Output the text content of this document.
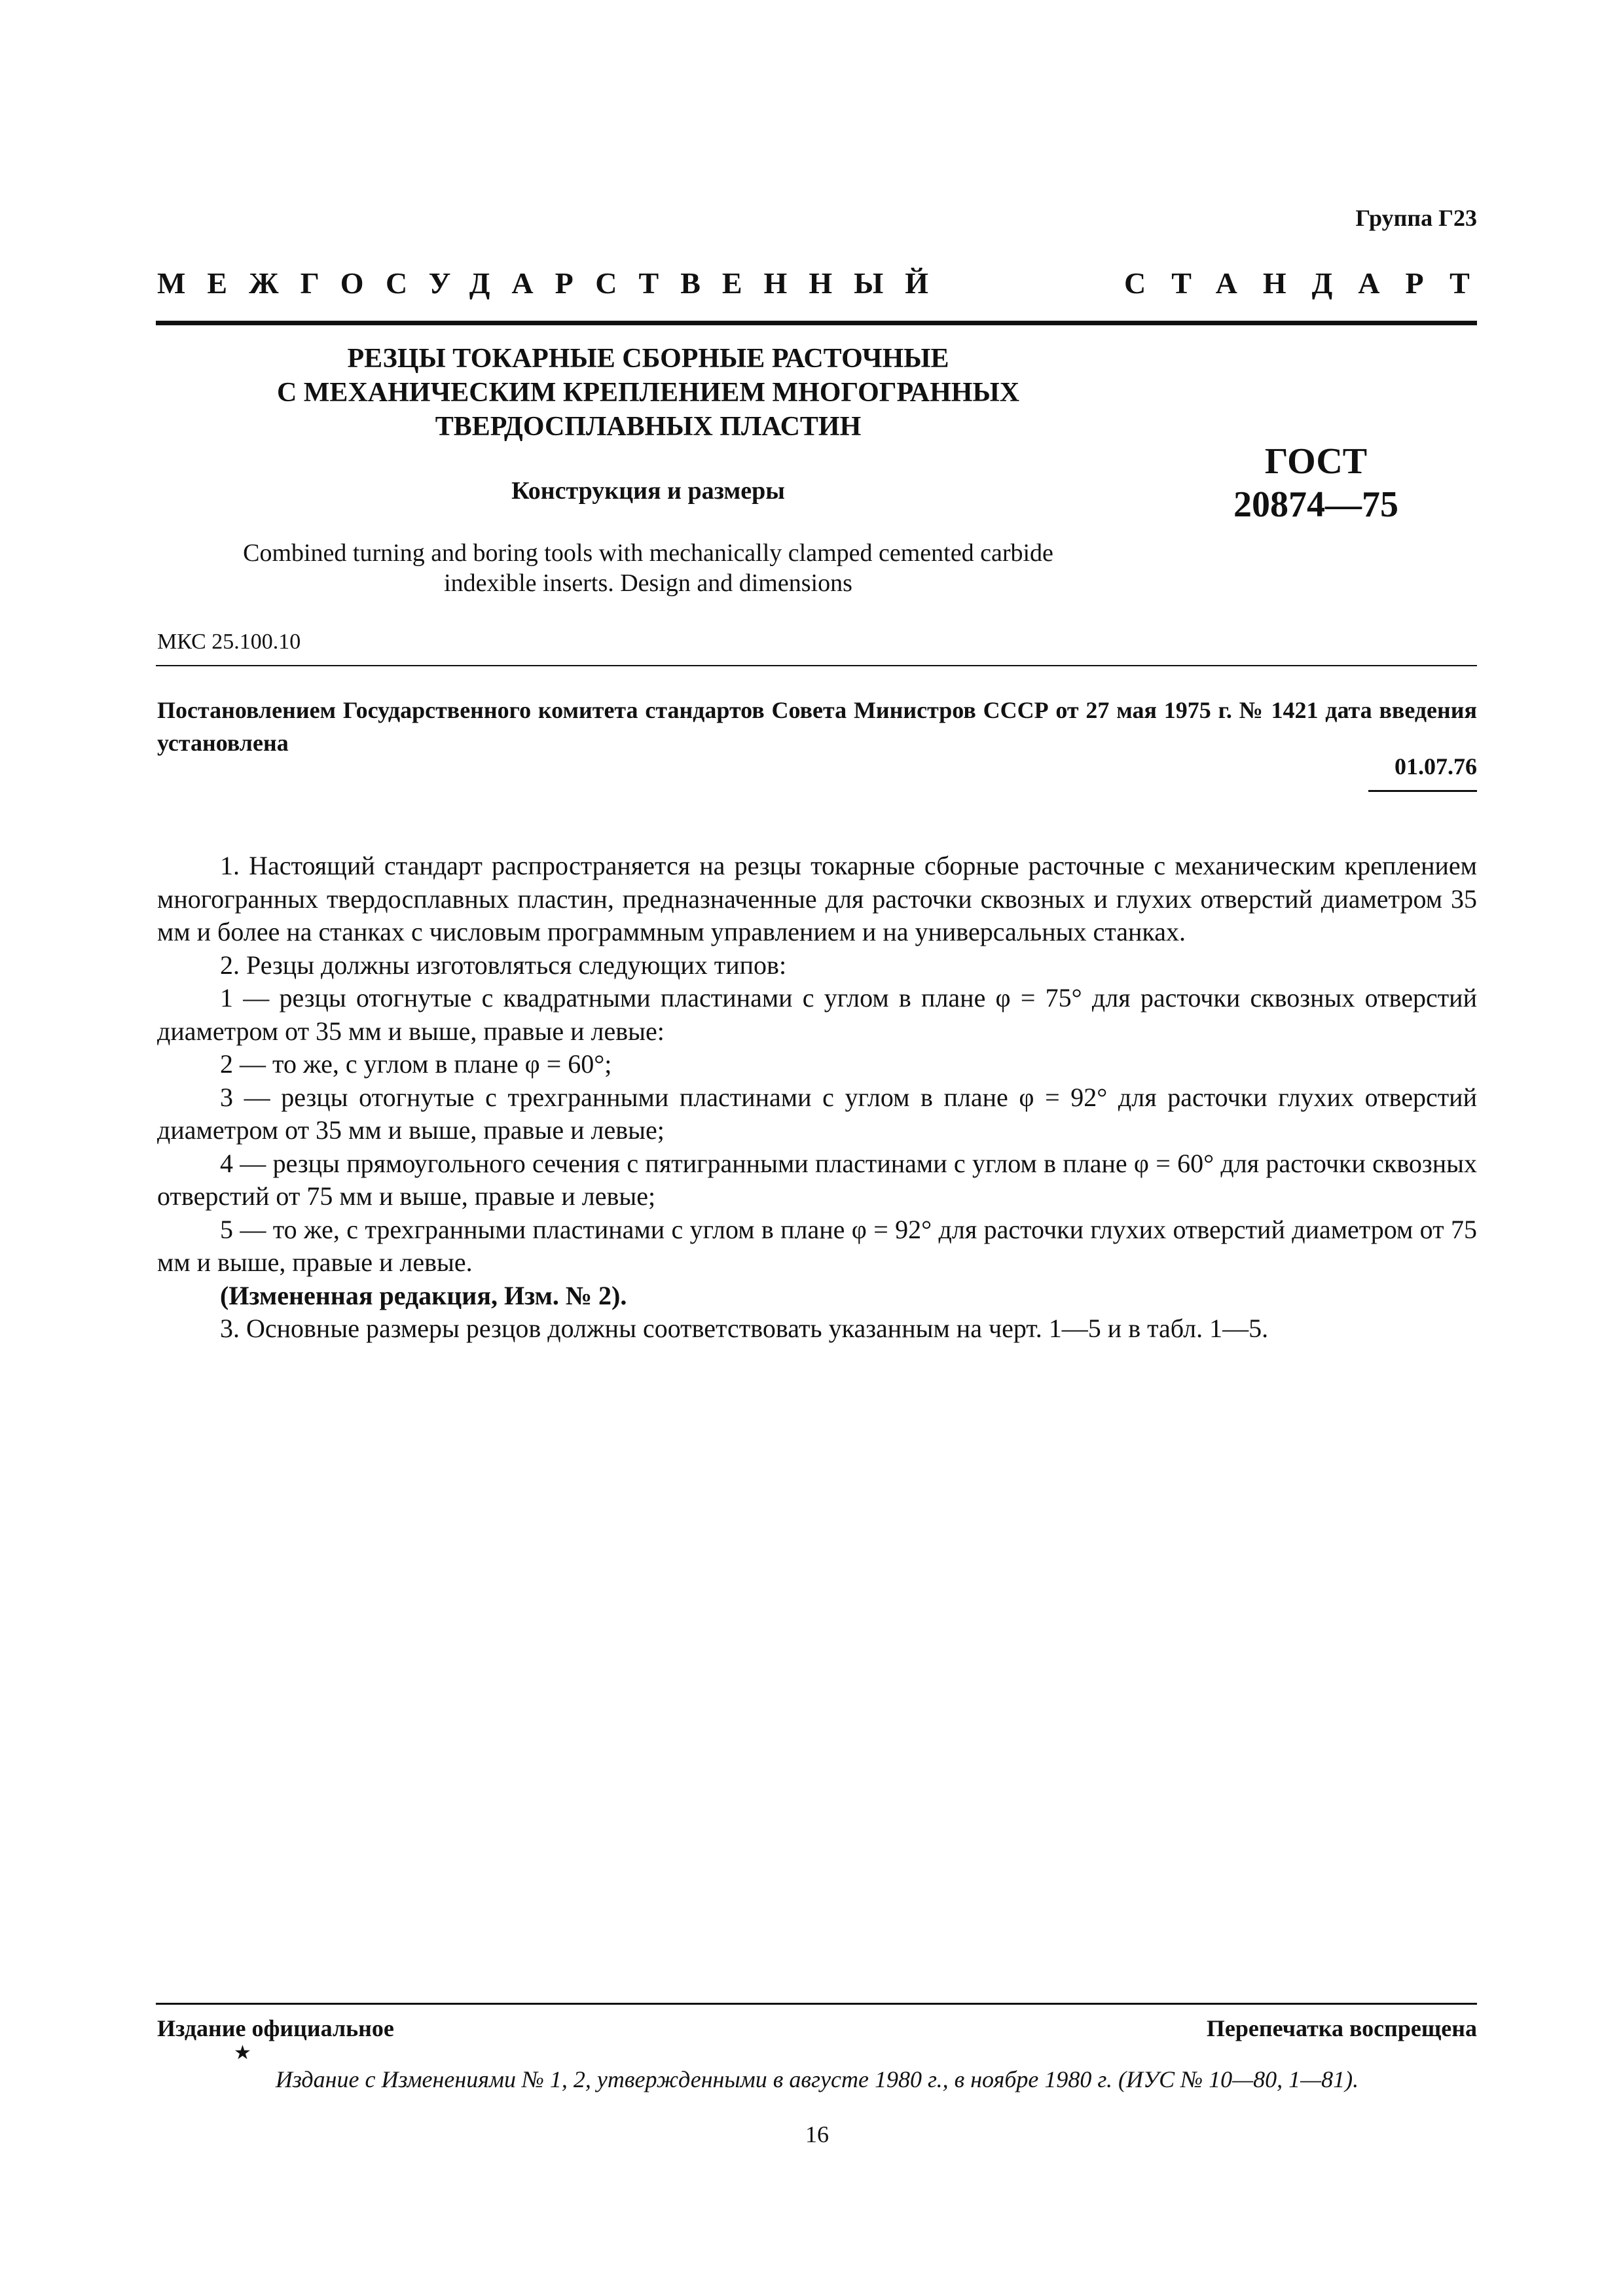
Группа Г23
МЕЖГОСУДАРСТВЕННЫЙ	СТАНДАРТ
РЕЗЦЫ ТОКАРНЫЕ СБОРНЫЕ РАСТОЧНЫЕ
С МЕХАНИЧЕСКИМ КРЕПЛЕНИЕМ МНОГОГРАННЫХ
ТВЕРДОСПЛАВНЫХ ПЛАСТИН
Конструкция и размеры
ГОСТ
20874—75
Combined turning and boring tools with mechanically clamped cemented carbide
indexible inserts. Design and dimensions
МКС 25.100.10
Постановлением Государственного комитета стандартов Совета Министров СССР от 27 мая 1975 г. № 1421 дата введения установлена
01.07.76

1. Настоящий стандарт распространяется на резцы токарные сборные расточные с механическим креплением многогранных твердосплавных пластин, предназначенные для расточки сквозных и глухих отверстий диаметром 35 мм и более на станках с числовым программным управлением и на универсальных станках.

2. Резцы должны изготовляться следующих типов:

1 — резцы отогнутые с квадратными пластинами с углом в плане φ = 75° для расточки сквозных отверстий диаметром от 35 мм и выше, правые и левые:

2 — то же, с углом в плане φ = 60°;

3 — резцы отогнутые с трехгранными пластинами с углом в плане φ = 92° для расточки глухих отверстий диаметром от 35 мм и выше, правые и левые;

4 — резцы прямоугольного сечения с пятигранными пластинами с углом в плане φ = 60° для расточки сквозных отверстий от 75 мм и выше, правые и левые;

5 — то же, с трехгранными пластинами с углом в плане φ = 92° для расточки глухих отверстий диаметром от 75 мм и выше, правые и левые.

(Измененная редакция, Изм. № 2).

3. Основные размеры резцов должны соответствовать указанным на черт. 1—5 и в табл. 1—5.

Издание официальное	Перепечатка воспрещена
★
Издание с Изменениями № 1, 2, утвержденными в августе 1980 г., в ноябре 1980 г. (ИУС № 10—80, 1—81).
16
